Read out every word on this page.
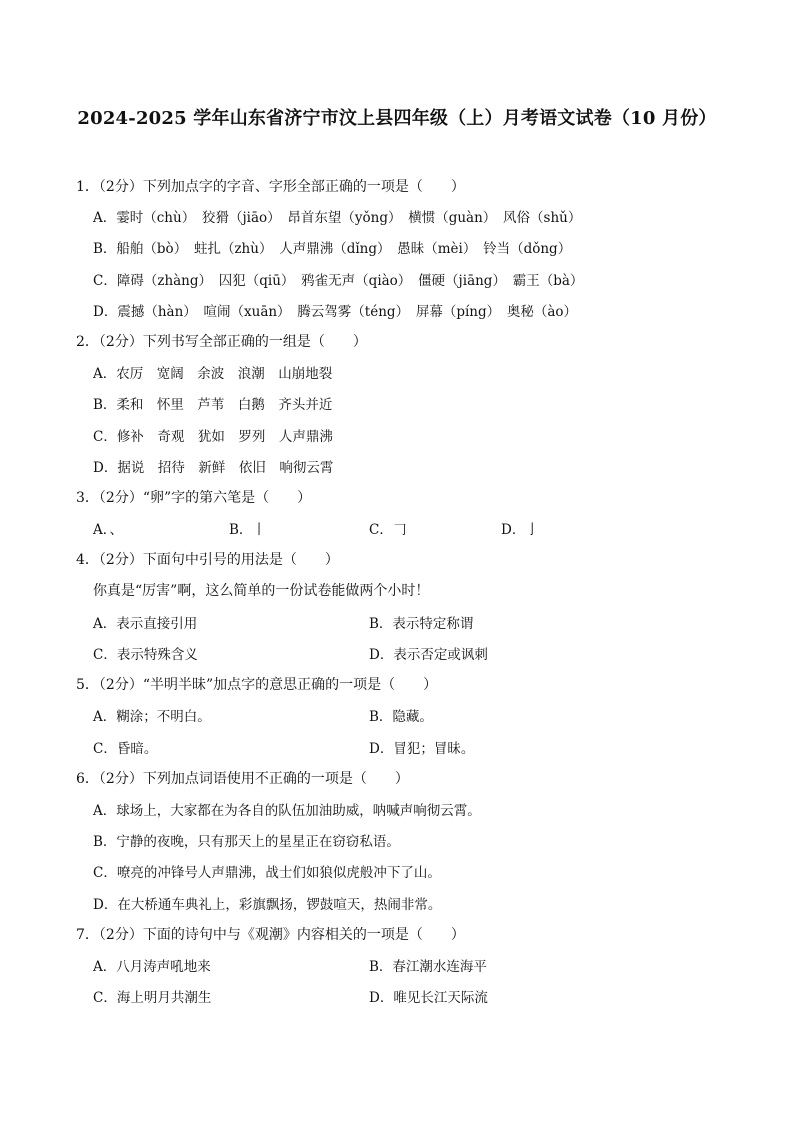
2024-2025 学年山东省济宁市汶上县四年级（上）月考语文试卷（10 月份）
1．（2分）下列加点字的字音、字形全部正确的一项是（　　）
A．霎时（chù）　狡猾（jiāo）　昂首东望（yǒng）　横惯（guàn）　风俗（shǔ）
B．船舶（bò）　蛀扎（zhù）　人声鼎沸（dǐng）　愚昧（mèi）　铃当（dǒng）
C．障碍（zhàng）　囚犯（qiū）　鸦雀无声（qiào）　僵硬（jiāng）　霸王（bà）
D．震撼（hàn）　喧闹（xuān）　腾云驾雾（téng）　屏幕（píng）　奥秘（ào）
2．（2分）下列书写全部正确的一组是（　　）
A．农厉　宽阔　余波　浪潮　山崩地裂
B．柔和　怀里　芦苇　白鹅　齐头并近
C．修补　奇观　犹如　罗列　人声鼎沸
D．据说　招待　新鲜　依旧　响彻云霄
3．（2分）“卵”字的第六笔是（　　）
A．、	B．丨	C．𠃌	D．亅
4．（2分）下面句中引号的用法是（　　）
你真是“厉害”啊，这么简单的一份试卷能做两个小时！
A．表示直接引用	B．表示特定称谓
C．表示特殊含义	D．表示否定或讽刺
5．（2分）“半明半昧”加点字的意思正确的一项是（　　）
A．糊涂；不明白。	B．隐藏。
C．昏暗。	D．冒犯；冒昧。
6．（2分）下列加点词语使用不正确的一项是（　　）
A．球场上，大家都在为各自的队伍加油助威，呐喊声响彻云霄。
B．宁静的夜晚，只有那天上的星星正在窃窃私语。
C．嘹亮的冲锋号人声鼎沸，战士们如狼似虎般冲下了山。
D．在大桥通车典礼上，彩旗飘扬，锣鼓喧天，热闹非常。
7．（2分）下面的诗句中与《观潮》内容相关的一项是（　　）
A．八月涛声吼地来	B．春江潮水连海平
C．海上明月共潮生	D．唯见长江天际流
